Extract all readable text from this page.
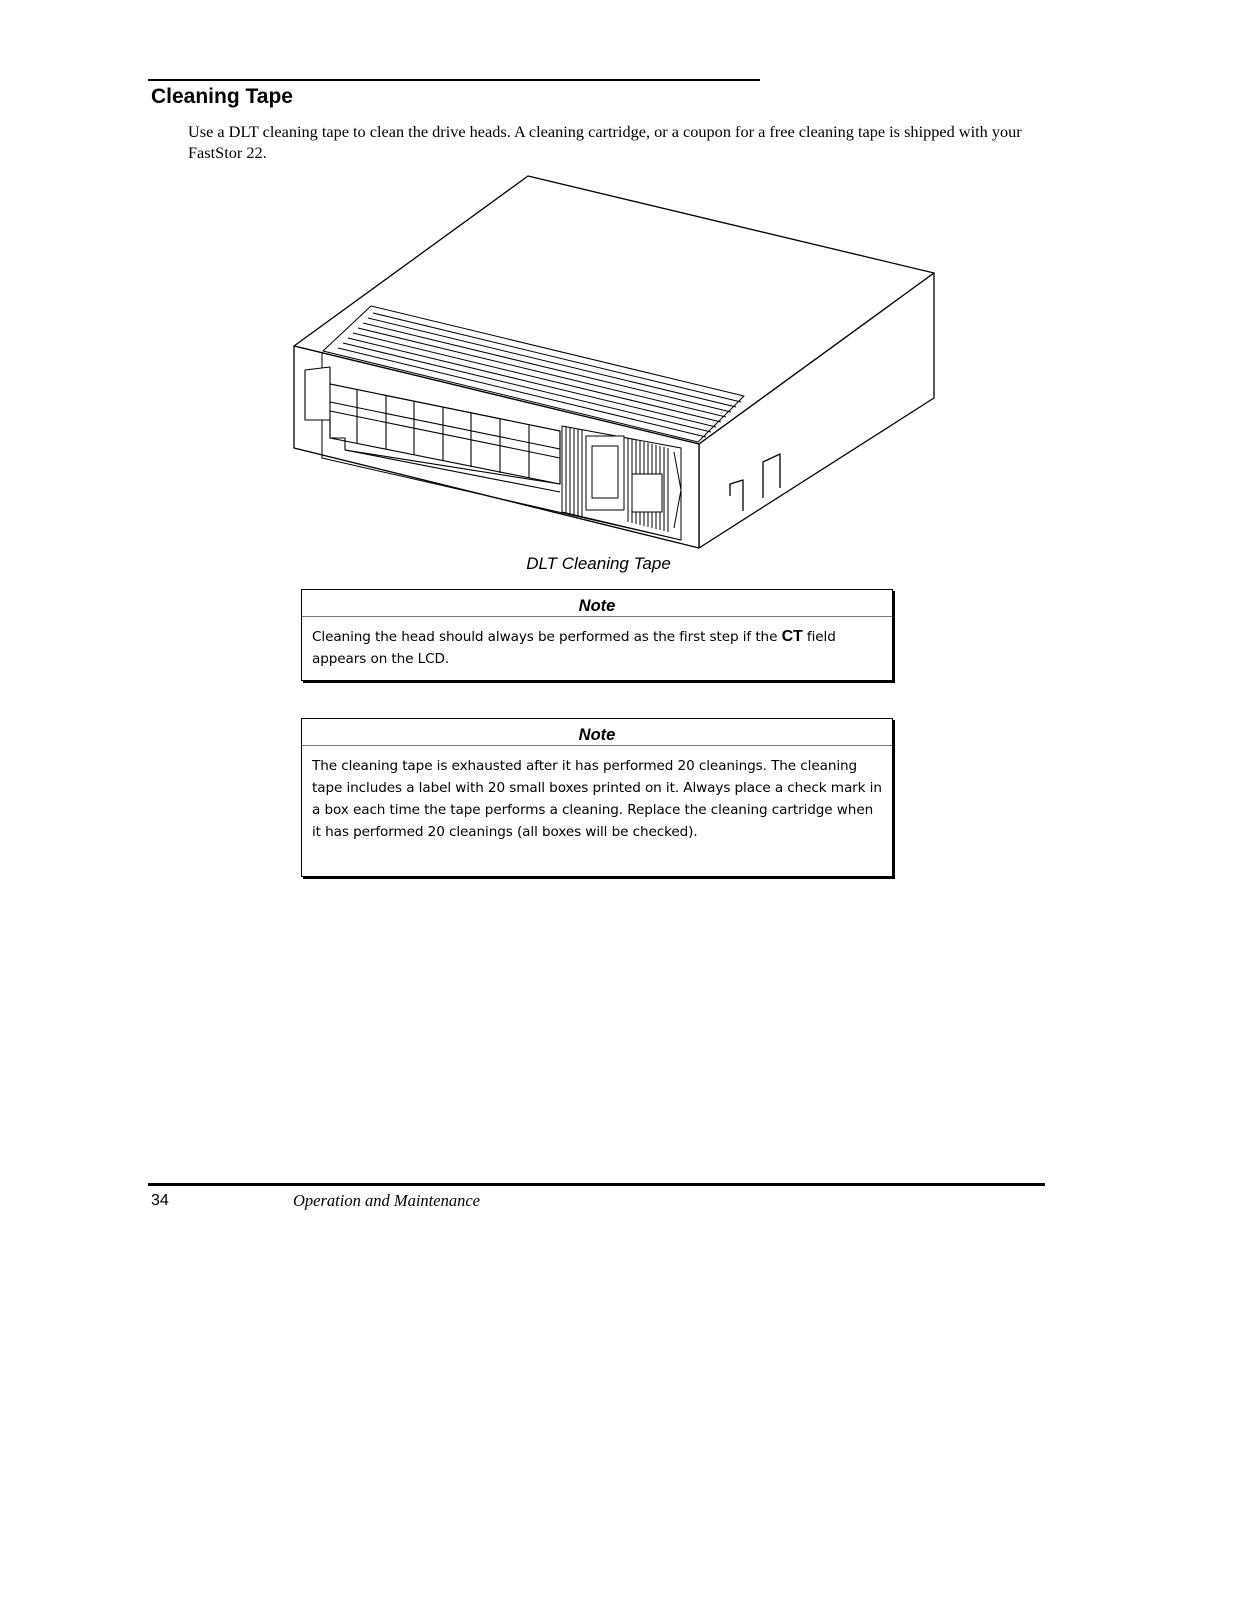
Cleaning Tape

Use a DLT cleaning tape to clean the drive heads. A cleaning cartridge, or a coupon for a free cleaning tape is shipped with your FastStor 22.

DLT Cleaning Tape
Note

Cleaning the head should always be performed as the first step if the CT field appears on the LCD.

Note

The cleaning tape is exhausted after it has performed 20 cleanings. The cleaning tape includes a label with 20 small boxes printed on it. Always place a check mark in a box each time the tape performs a cleaning. Replace the cleaning cartridge when it has performed 20 cleanings (all boxes will be checked).

34	Operation and Maintenance
